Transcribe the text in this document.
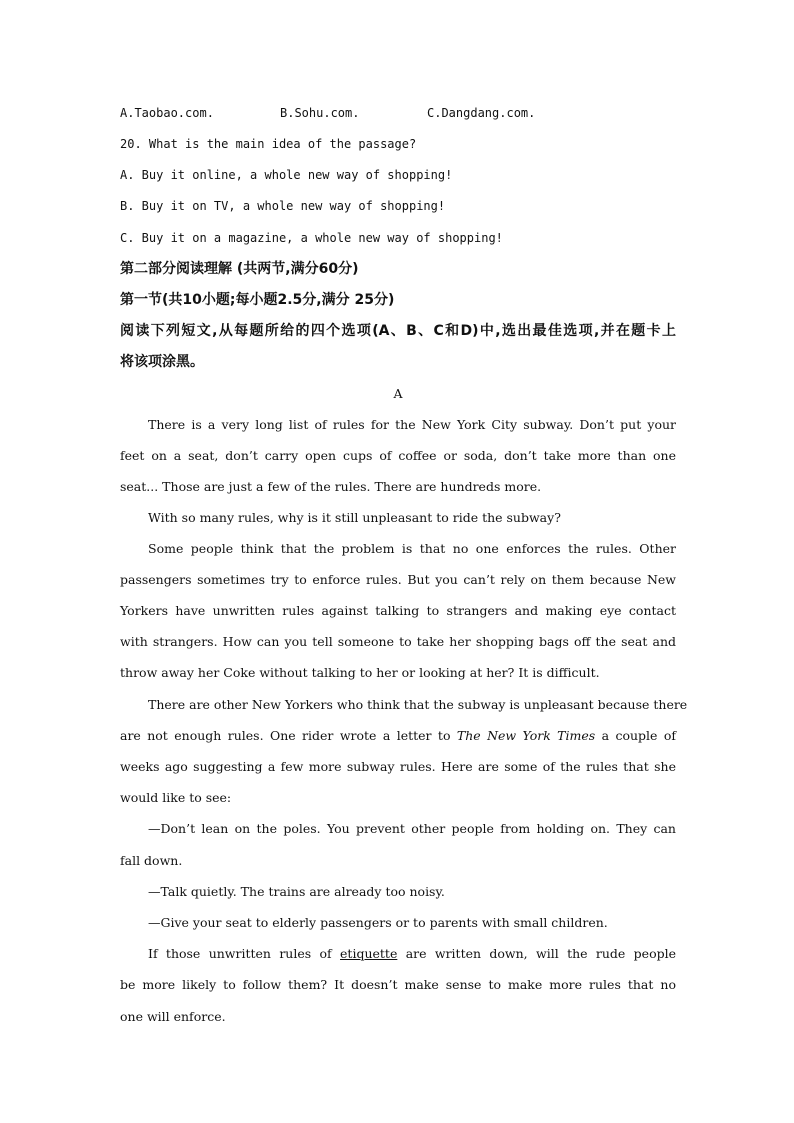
A.Taobao.com.	B.Sohu.com.	C.Dangdang.com.
20. What is the main idea of the passage?
A. Buy it online, a whole new way of shopping!
B. Buy it on TV, a whole new way of shopping!
C. Buy it on a magazine, a whole new way of shopping!
第二部分阅读理解 (共两节,满分60分)
第一节(共10小题;每小题2.5分,满分 25分)
阅读下列短文,从每题所给的四个选项(A、B、C和D)中,选出最佳选项,并在题卡上
将该项涂黑。
A
There is a very long list of rules for the New York City subway. Don’t put your
feet on a seat, don’t carry open cups of coffee or soda, don’t take more than one
seat... Those are just a few of the rules. There are hundreds more.
With so many rules, why is it still unpleasant to ride the subway?
Some people think that the problem is that no one enforces the rules. Other
passengers sometimes try to enforce rules. But you can’t rely on them because New
Yorkers have unwritten rules against talking to strangers and making eye contact
with strangers. How can you tell someone to take her shopping bags off the seat and
throw away her Coke without talking to her or looking at her? It is difficult.
There are other New Yorkers who think that the subway is unpleasant because there
are not enough rules. One rider wrote a letter to The New York Times a couple of
weeks ago suggesting a few more subway rules. Here are some of the rules that she
would like to see:
—Don’t lean on the poles. You prevent other people from holding on. They can
fall down.
—Talk quietly. The trains are already too noisy.
—Give your seat to elderly passengers or to parents with small children.
If those unwritten rules of etiquette are written down, will the rude people
be more likely to follow them? It doesn’t make sense to make more rules that no
one will enforce.
